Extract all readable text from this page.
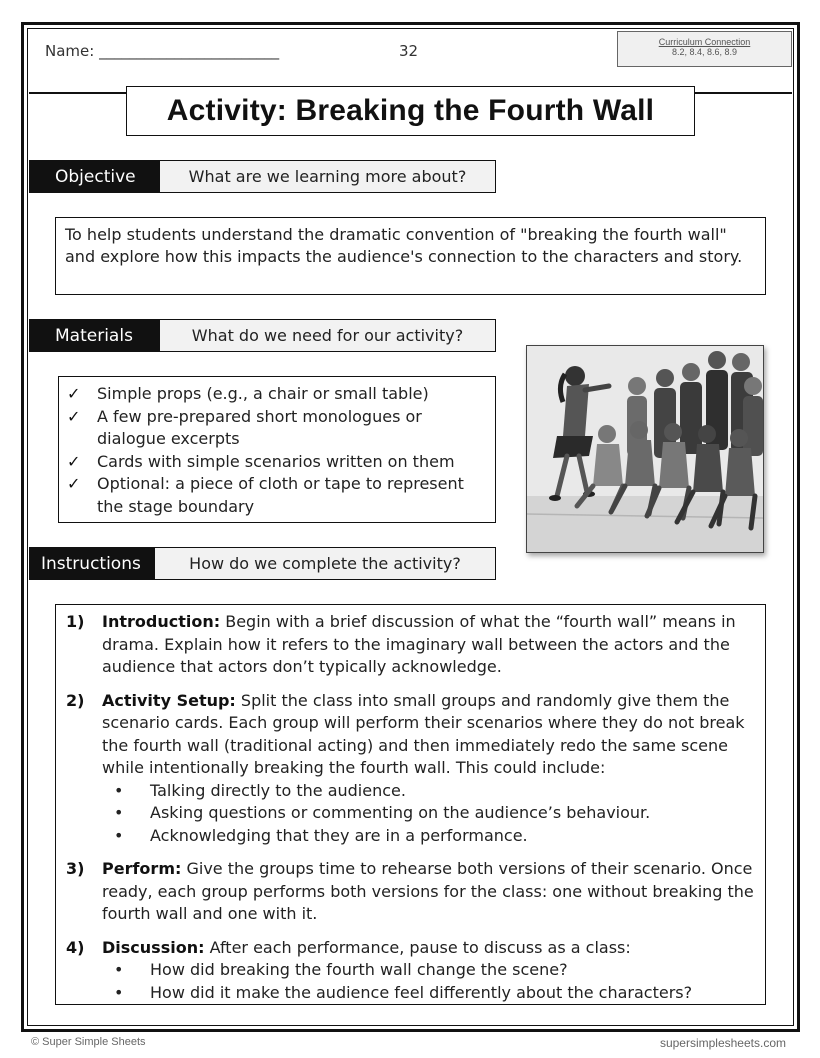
Name: ________________________	32	Curriculum Connection
8.2, 8.4, 8.6, 8.9
Activity: Breaking the Fourth Wall
Objective	What are we learning more about?
To help students understand the dramatic convention of "breaking the fourth wall" and explore how this impacts the audience's connection to the characters and story.
Materials	What do we need for our activity?
✓	Simple props (e.g., a chair or small table)
✓	A few pre-prepared short monologues or dialogue excerpts
✓	Cards with simple scenarios written on them
✓	Optional: a piece of cloth or tape to represent the stage boundary
Instructions	How do we complete the activity?
1)	Introduction: Begin with a brief discussion of what the “fourth wall” means in drama. Explain how it refers to the imaginary wall between the actors and the audience that actors don’t typically acknowledge.
2)	Activity Setup: Split the class into small groups and randomly give them the scenario cards. Each group will perform their scenarios where they do not break the fourth wall (traditional acting) and then immediately redo the same scene while intentionally breaking the fourth wall. This could include:
•	Talking directly to the audience.
•	Asking questions or commenting on the audience’s behaviour.
•	Acknowledging that they are in a performance.
3)	Perform: Give the groups time to rehearse both versions of their scenario. Once ready, each group performs both versions for the class: one without breaking the fourth wall and one with it.
4)	Discussion: After each performance, pause to discuss as a class:
•	How did breaking the fourth wall change the scene?
•	How did it make the audience feel differently about the characters?
© Super Simple Sheets	supersimplesheets.com
